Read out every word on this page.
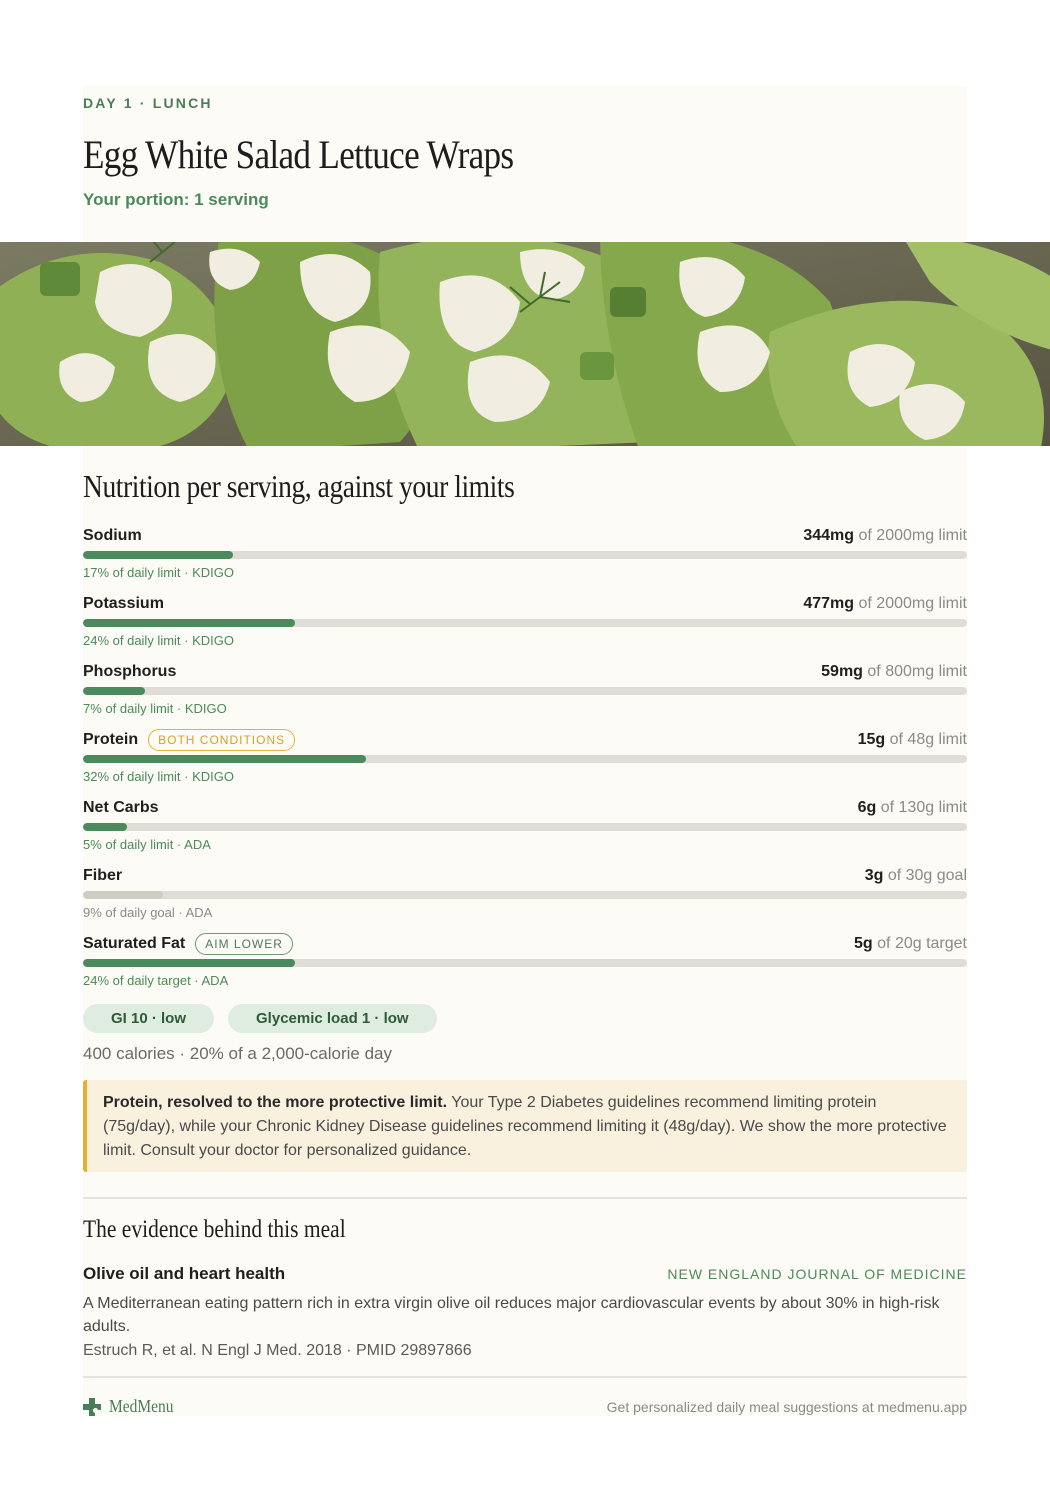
DAY 1 · LUNCH
Egg White Salad Lettuce Wraps
Your portion: 1 serving
Nutrition per serving, against your limits
Sodium	344mg of 2000mg limit
17% of daily limit · KDIGO
Potassium	477mg of 2000mg limit
24% of daily limit · KDIGO
Phosphorus	59mg of 800mg limit
7% of daily limit · KDIGO
Protein	BOTH CONDITIONS	15g of 48g limit
32% of daily limit · KDIGO
Net Carbs	6g of 130g limit
5% of daily limit · ADA
Fiber	3g of 30g goal
9% of daily goal · ADA
Saturated Fat	AIM LOWER	5g of 20g target
24% of daily target · ADA
GI 10 · low	Glycemic load 1 · low
400 calories · 20% of a 2,000-calorie day
Protein, resolved to the more protective limit. Your Type 2 Diabetes guidelines recommend limiting protein (75g/day), while your Chronic Kidney Disease guidelines recommend limiting it (48g/day). We show the more protective limit. Consult your doctor for personalized guidance.
The evidence behind this meal
Olive oil and heart health	NEW ENGLAND JOURNAL OF MEDICINE
A Mediterranean eating pattern rich in extra virgin olive oil reduces major cardiovascular events by about 30% in high-risk adults.
Estruch R, et al. N Engl J Med. 2018 · PMID 29897866
MedMenu	Get personalized daily meal suggestions at medmenu.app
